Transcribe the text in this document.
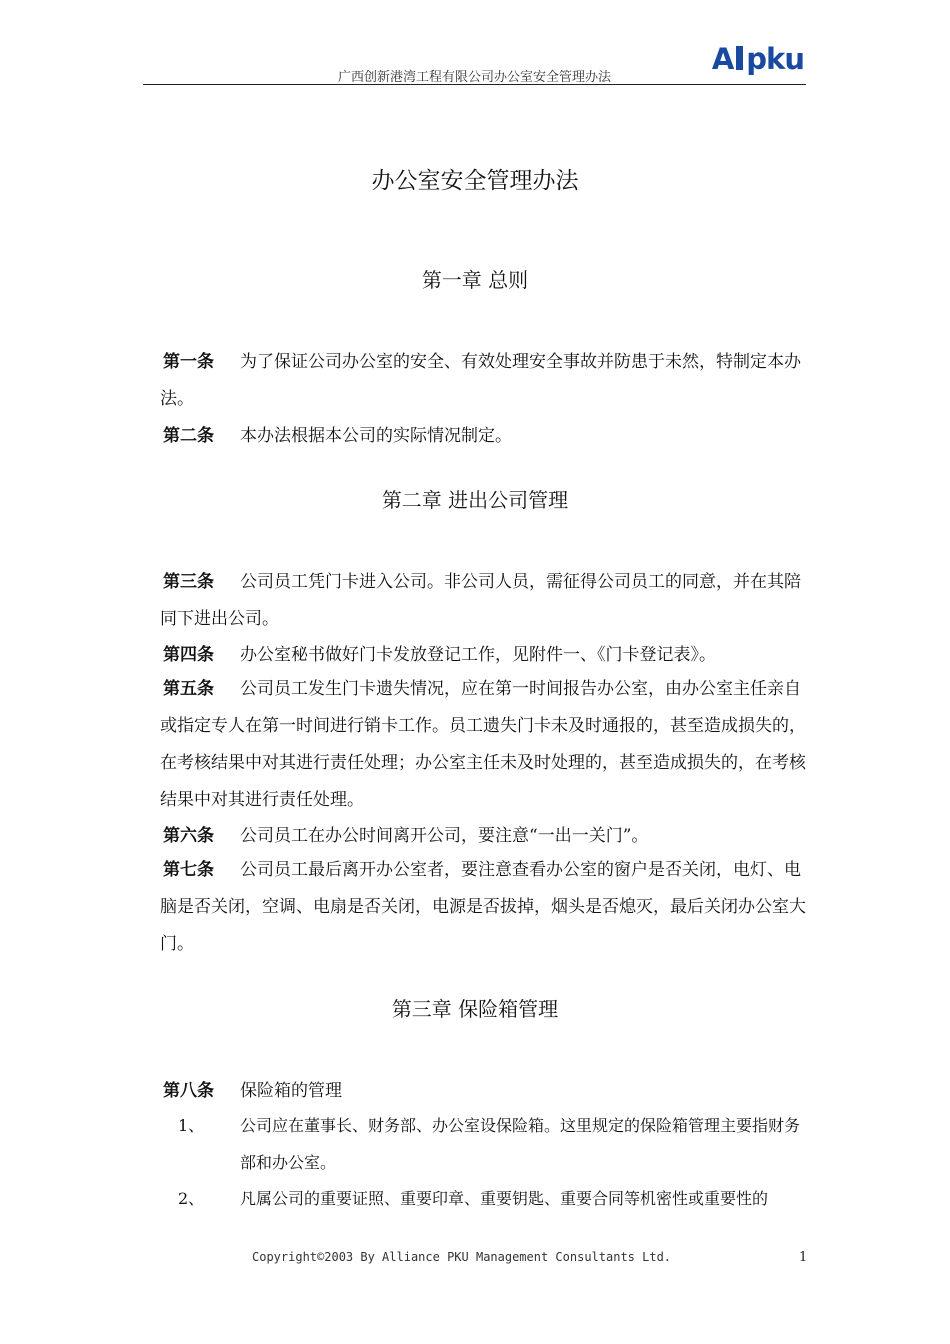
广西创新港湾工程有限公司办公室安全管理办法
A pku
办公室安全管理办法
第一章 总则
第一条 为了保证公司办公室的安全、有效处理安全事故并防患于未然，特制定本办法。
第二条 本办法根据本公司的实际情况制定。
第二章 进出公司管理
第三条 公司员工凭门卡进入公司。非公司人员，需征得公司员工的同意，并在其陪同下进出公司。
第四条 办公室秘书做好门卡发放登记工作，见附件一、《门卡登记表》。
第五条 公司员工发生门卡遗失情况，应在第一时间报告办公室，由办公室主任亲自或指定专人在第一时间进行销卡工作。员工遗失门卡未及时通报的，甚至造成损失的，在考核结果中对其进行责任处理；办公室主任未及时处理的，甚至造成损失的，在考核结果中对其进行责任处理。
第六条 公司员工在办公时间离开公司，要注意“一出一关门”。
第七条 公司员工最后离开办公室者，要注意查看办公室的窗户是否关闭，电灯、电脑是否关闭，空调、电扇是否关闭，电源是否拔掉，烟头是否熄灭，最后关闭办公室大门。
第三章 保险箱管理
第八条 保险箱的管理
1、	公司应在董事长、财务部、办公室设保险箱。这里规定的保险箱管理主要指财务部和办公室。
2、	凡属公司的重要证照、重要印章、重要钥匙、重要合同等机密性或重要性的
Copyright©2003 By Alliance PKU Management Consultants Ltd.	1
